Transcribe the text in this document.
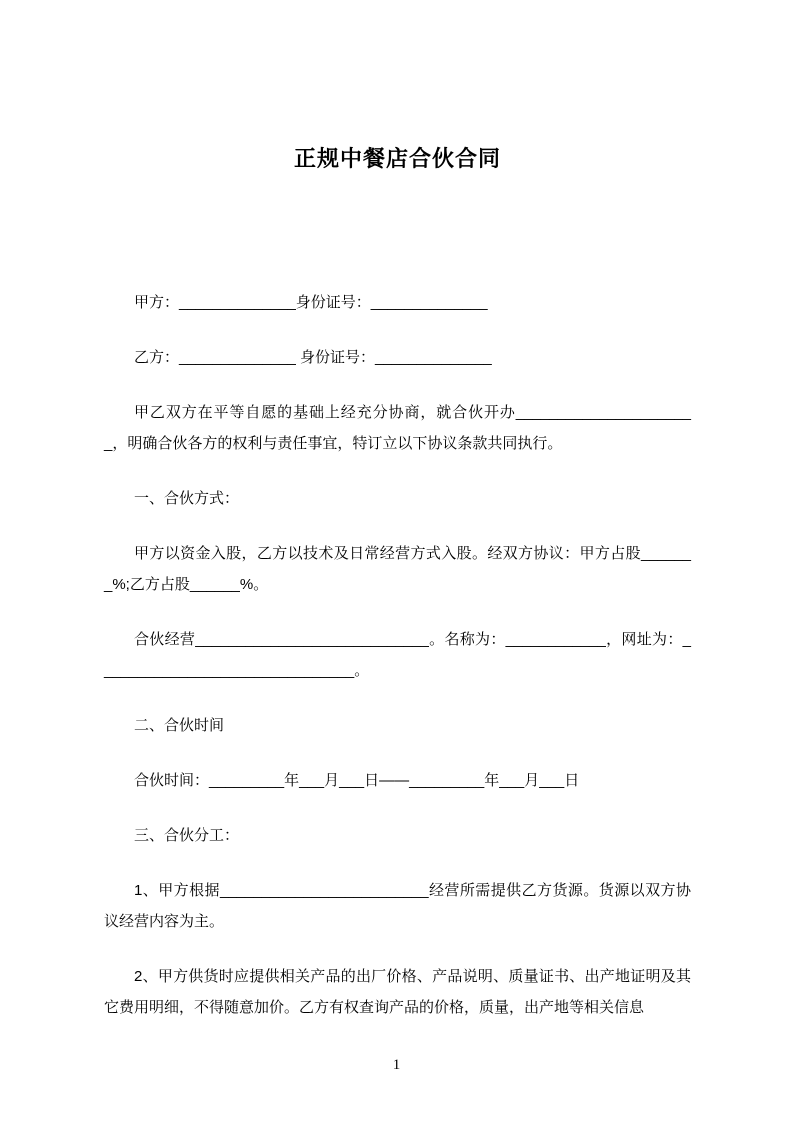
正规中餐店合伙合同

甲方：______________身份证号：______________

乙方：______________ 身份证号：______________

甲乙双方在平等自愿的基础上经充分协商，就合伙开办______________________，明确合伙各方的权利与责任事宜，特订立以下协议条款共同执行。

一、合伙方式：

甲方以资金入股，乙方以技术及日常经营方式入股。经双方协议：甲方占股_______%;乙方占股______%。

合伙经营____________________________。名称为：____________，网址为：_______________________________。

二、合伙时间

合伙时间：_________年___月___日——_________年___月___日

三、合伙分工：

1、甲方根据_________________________经营所需提供乙方货源。货源以双方协议经营内容为主。

2、甲方供货时应提供相关产品的出厂价格、产品说明、质量证书、出产地证明及其它费用明细，不得随意加价。乙方有权查询产品的价格，质量，出产地等相关信息

1
